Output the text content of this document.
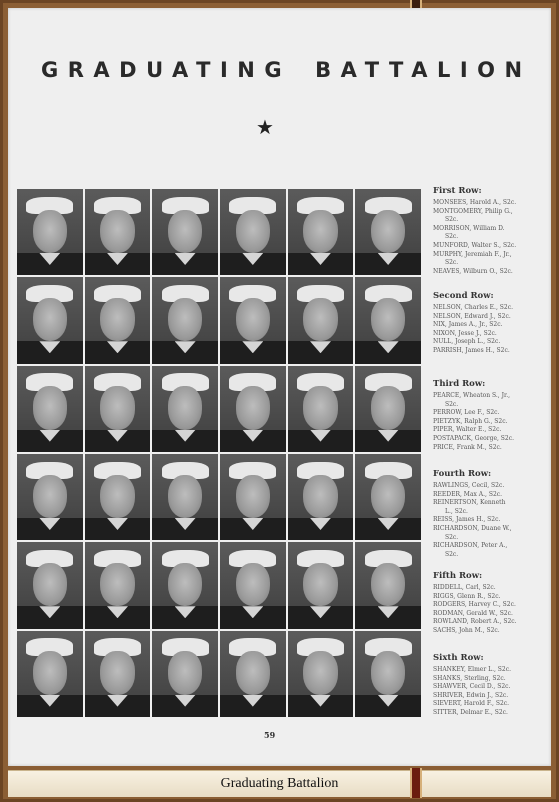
GRADUATING BATTALION
★
First Row:
MONSEES, Harold A., S2c.
MONTGOMERY, Philip G.,
S2c.
MORRISON, William D.
S2c.
MUNFORD, Walter S., S2c.
MURPHY, Jeremiah F., Jr.,
S2c.
NEAVES, Wilburn O., S2c.
Second Row:
NELSON, Charles E., S2c.
NELSON, Edward J., S2c.
NIX, James A., Jr., S2c.
NIXON, Jesse J., S2c.
NULL, Joseph L., S2c.
PARRISH, James H., S2c.
Third Row:
PEARCE, Wheaton S., Jr.,
S2c.
PERROW, Lee F., S2c.
PIETZYK, Ralph G., S2c.
PIPER, Walter E., S2c.
POSTAPACK, George, S2c.
PRICE, Frank M., S2c.
Fourth Row:
RAWLINGS, Cecil, S2c.
REEDER, Max A., S2c.
REINERTSON, Kenneth
L., S2c.
REISS, James H., S2c.
RICHARDSON, Duane W.,
S2c.
RICHARDSON, Peter A.,
S2c.
Fifth Row:
RIDDELL, Carl, S2c.
RIGGS, Glenn R., S2c.
RODGERS, Harvey C., S2c.
RODMAN, Gerald W., S2c.
ROWLAND, Robert A., S2c.
SACHS, John M., S2c.
Sixth Row:
SHANKEY, Elmer L., S2c.
SHANKS, Sterling, S2c.
SHAWVER, Cecil D., S2c.
SHRIVER, Edwin J., S2c.
SIEVERT, Harold F., S2c.
SITTER, Delmar E., S2c.
59
Graduating Battalion
